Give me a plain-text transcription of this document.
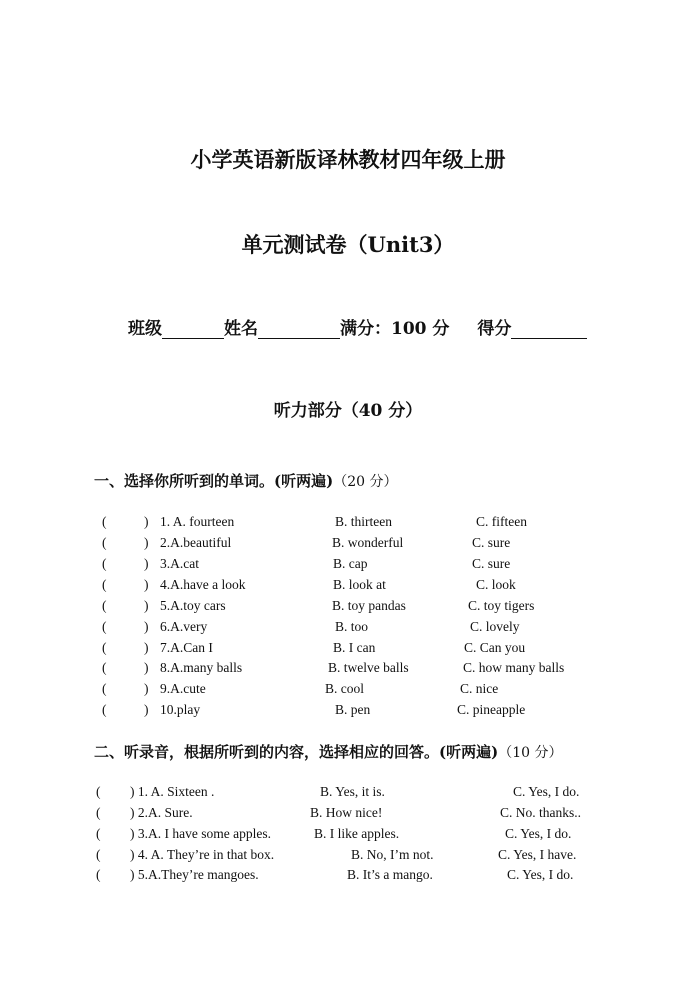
小学英语新版译林教材四年级上册
单元测试卷（Unit3）
班级	姓名	满分：100 分 得分
听力部分（40 分）
一、选择你所听到的单词。(听两遍)（20 分）
(	) 1. A. fourteen	B. thirteen	C. fifteen
(	) 2.A.beautiful	B. wonderful	C. sure
(	) 3.A.cat	B. cap	C. sure
(	) 4.A.have a look	B. look at	C. look
(	) 5.A.toy cars	B. toy pandas	C. toy tigers
(	) 6.A.very	B. too	C. lovely
(	) 7.A.Can I	B. I can	C. Can you
(	) 8.A.many balls	B. twelve balls	C. how many balls
(	) 9.A.cute	B. cool	C. nice
(	) 10.play	B. pen	C. pineapple
二、听录音，根据所听到的内容，选择相应的回答。(听两遍)（10 分）
( ) 1. A. Sixteen .	B. Yes, it is.	C. Yes, I do.
( ) 2.A. Sure.	B. How nice!	C. No. thanks..
( ) 3.A. I have some apples.	B. I like apples.	C. Yes, I do.
( ) 4. A. They’re in that box.	B. No, I’m not.	C. Yes, I have.
( ) 5.A.They’re mangoes.	B. It’s a mango.	C. Yes, I do.
